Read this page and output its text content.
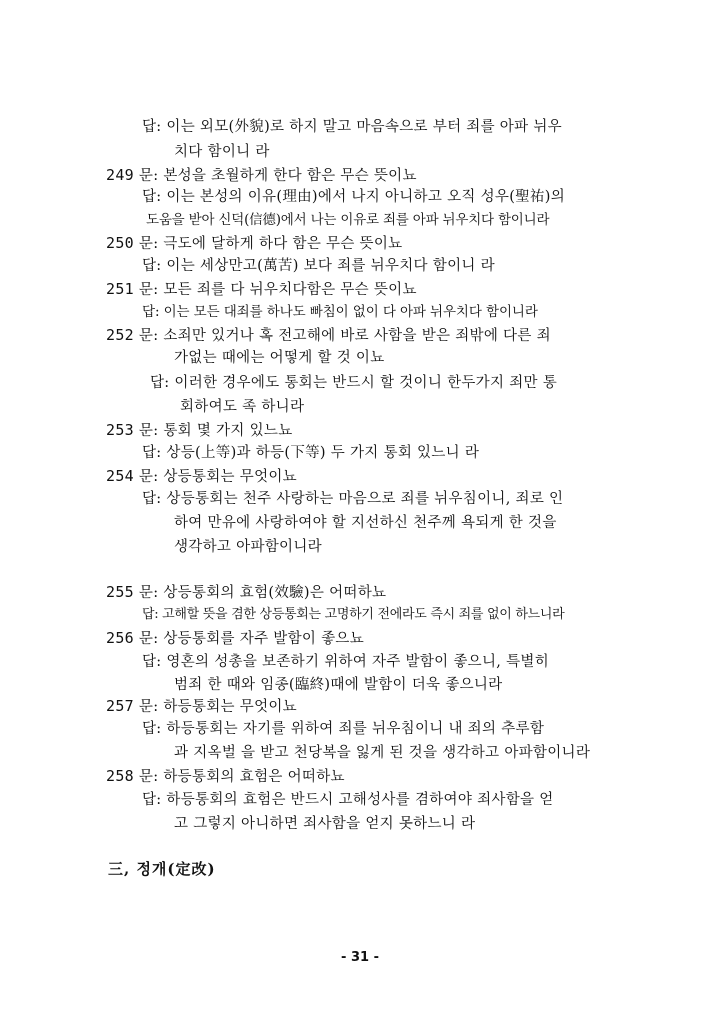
답: 이는 외모(外貌)로 하지 말고 마음속으로 부터 죄를 아파 뉘우
치다 함이니 라
249 문: 본성을 초월하게 한다 함은 무슨 뜻이뇨
답: 이는 본성의 이유(理由)에서 나지 아니하고 오직 성우(聖祐)의
도움을 받아 신덕(信德)에서 나는 이유로 죄를 아파 뉘우치다 함이니라
250 문: 극도에 달하게 하다 함은 무슨 뜻이뇨
답: 이는 세상만고(萬苦) 보다 죄를 뉘우치다 함이니 라
251 문: 모든 죄를 다 뉘우치다함은 무슨 뜻이뇨
답: 이는 모든 대죄를 하나도 빠침이 없이 다 아파 뉘우치다 함이니라
252 문: 소죄만 있거나 혹 전고해에 바로 사함을 받은 죄밖에 다른 죄
가없는 때에는 어떻게 할 것 이뇨
답: 이러한 경우에도 통회는 반드시 할 것이니 한두가지 죄만 통
회하여도 족 하니라
253 문: 통회 몇 가지 있느뇨
답: 상등(上等)과 하등(下等) 두 가지 통회 있느니 라
254 문: 상등통회는 무엇이뇨
답: 상등통회는 천주 사랑하는 마음으로 죄를 뉘우침이니, 죄로 인
하여 만유에 사랑하여야 할 지선하신 천주께 욕되게 한 것을
생각하고 아파함이니라
255 문: 상등통회의 효험(效驗)은 어떠하뇨
답: 고해할 뜻을 겸한 상등통회는 고명하기 전에라도 즉시 죄를 없이 하느니라
256 문: 상등통회를 자주 발함이 좋으뇨
답: 영혼의 성총을 보존하기 위하여 자주 발함이 좋으니, 특별히
범죄 한 때와 임종(臨終)때에 발함이 더욱 좋으니라
257 문: 하등통회는 무엇이뇨
답: 하등통회는 자기를 위하여 죄를 뉘우침이니 내 죄의 추루함
과 지옥벌 을 받고 천당복을 잃게 된 것을 생각하고 아파함이니라
258 문: 하등통회의 효험은 어떠하뇨
답: 하등통회의 효험은 반드시 고해성사를 겸하여야 죄사함을 얻
고 그렇지 아니하면 죄사함을 얻지 못하느니 라
三, 정개(定改)
- 31 -
